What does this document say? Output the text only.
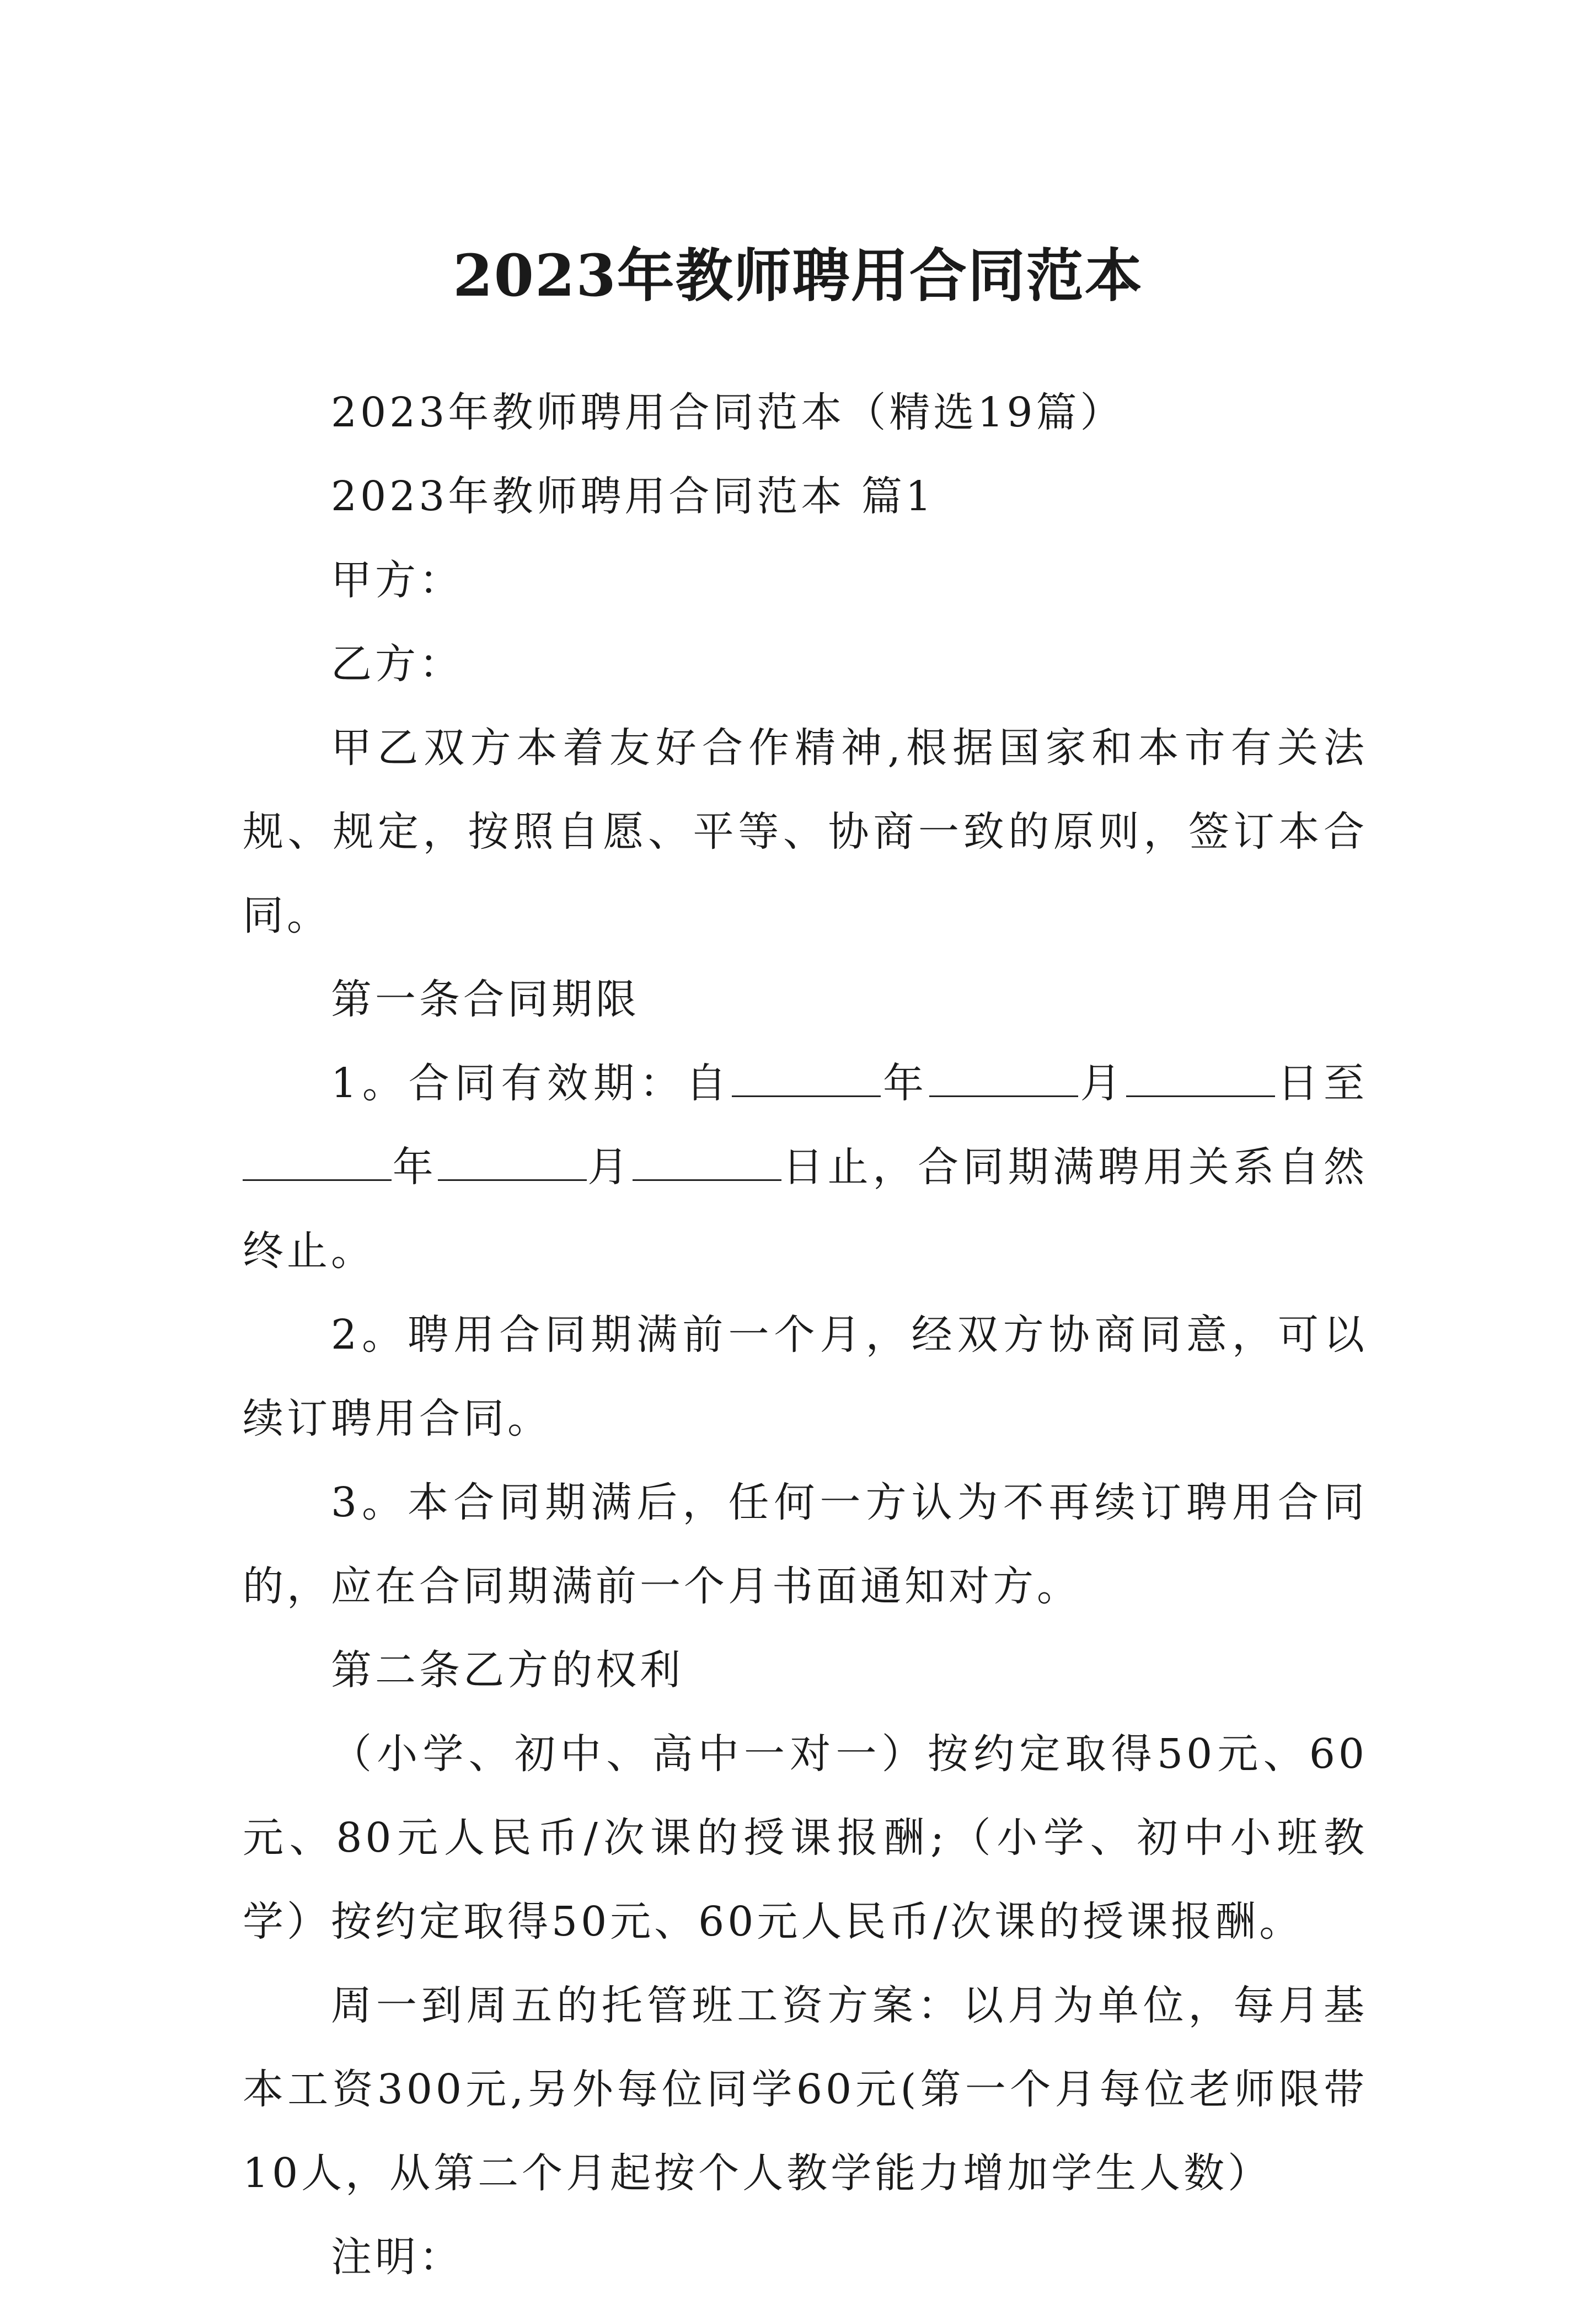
2023年教师聘用合同范本

2023年教师聘用合同范本（精选19篇）

2023年教师聘用合同范本 篇1

甲方：

乙方：

甲乙双方本着友好合作精神,根据国家和本市有关法规、规定，按照自愿、平等、协商一致的原则，签订本合同。

第一条合同期限

1。合同有效期：自	年	月	日至年	月	日止，合同期满聘用关系自然终止。

2。聘用合同期满前一个月，经双方协商同意，可以续订聘用合同。

3。本合同期满后，任何一方认为不再续订聘用合同的，应在合同期满前一个月书面通知对方。

第二条乙方的权利

（小学、初中、高中一对一）按约定取得50元、60元、80元人民币/次课的授课报酬;（小学、初中小班教学）按约定取得50元、60元人民币/次课的授课报酬。

周一到周五的托管班工资方案：以月为单位，每月基本工资300元,另外每位同学60元(第一个月每位老师限带10人，从第二个月起按个人教学能力增加学生人数）

注明：
